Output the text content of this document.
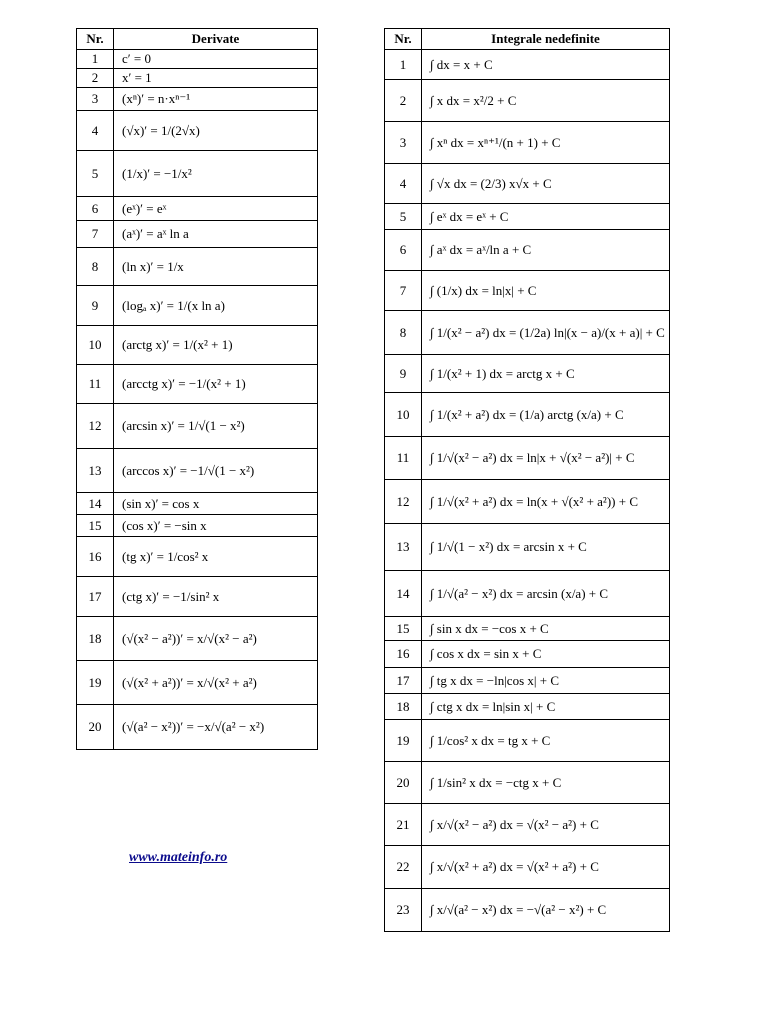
Nr.	Derivate
1	c′ = 0
2	x′ = 1
3	(xⁿ)′ = n·xⁿ⁻¹
4	(√x)′ = 1/(2√x)
5	(1/x)′ = −1/x²
6	(eˣ)′ = eˣ
7	(aˣ)′ = aˣ ln a
8	(ln x)′ = 1/x
9	(logₐ x)′ = 1/(x ln a)
10	(arctg x)′ = 1/(x² + 1)
11	(arcctg x)′ = −1/(x² + 1)
12	(arcsin x)′ = 1/√(1 − x²)
13	(arccos x)′ = −1/√(1 − x²)
14	(sin x)′ = cos x
15	(cos x)′ = −sin x
16	(tg x)′ = 1/cos² x
17	(ctg x)′ = −1/sin² x
18	(√(x² − a²))′ = x/√(x² − a²)
19	(√(x² + a²))′ = x/√(x² + a²)
20	(√(a² − x²))′ = −x/√(a² − x²)
Nr.	Integrale nedefinite
1	∫ dx = x + C
2	∫ x dx = x²/2 + C
3	∫ xⁿ dx = xⁿ⁺¹/(n + 1) + C
4	∫ √x dx = (2/3) x√x + C
5	∫ eˣ dx = eˣ + C
6	∫ aˣ dx = aˣ/ln a + C
7	∫ (1/x) dx = ln|x| + C
8	∫ 1/(x² − a²) dx = (1/2a) ln|(x − a)/(x + a)| + C
9	∫ 1/(x² + 1) dx = arctg x + C
10	∫ 1/(x² + a²) dx = (1/a) arctg (x/a) + C
11	∫ 1/√(x² − a²) dx = ln|x + √(x² − a²)| + C
12	∫ 1/√(x² + a²) dx = ln(x + √(x² + a²)) + C
13	∫ 1/√(1 − x²) dx = arcsin x + C
14	∫ 1/√(a² − x²) dx = arcsin (x/a) + C
15	∫ sin x dx = −cos x + C
16	∫ cos x dx = sin x + C
17	∫ tg x dx = −ln|cos x| + C
18	∫ ctg x dx = ln|sin x| + C
19	∫ 1/cos² x dx = tg x + C
20	∫ 1/sin² x dx = −ctg x + C
21	∫ x/√(x² − a²) dx = √(x² − a²) + C
22	∫ x/√(x² + a²) dx = √(x² + a²) + C
23	∫ x/√(a² − x²) dx = −√(a² − x²) + C
www.mateinfo.ro
